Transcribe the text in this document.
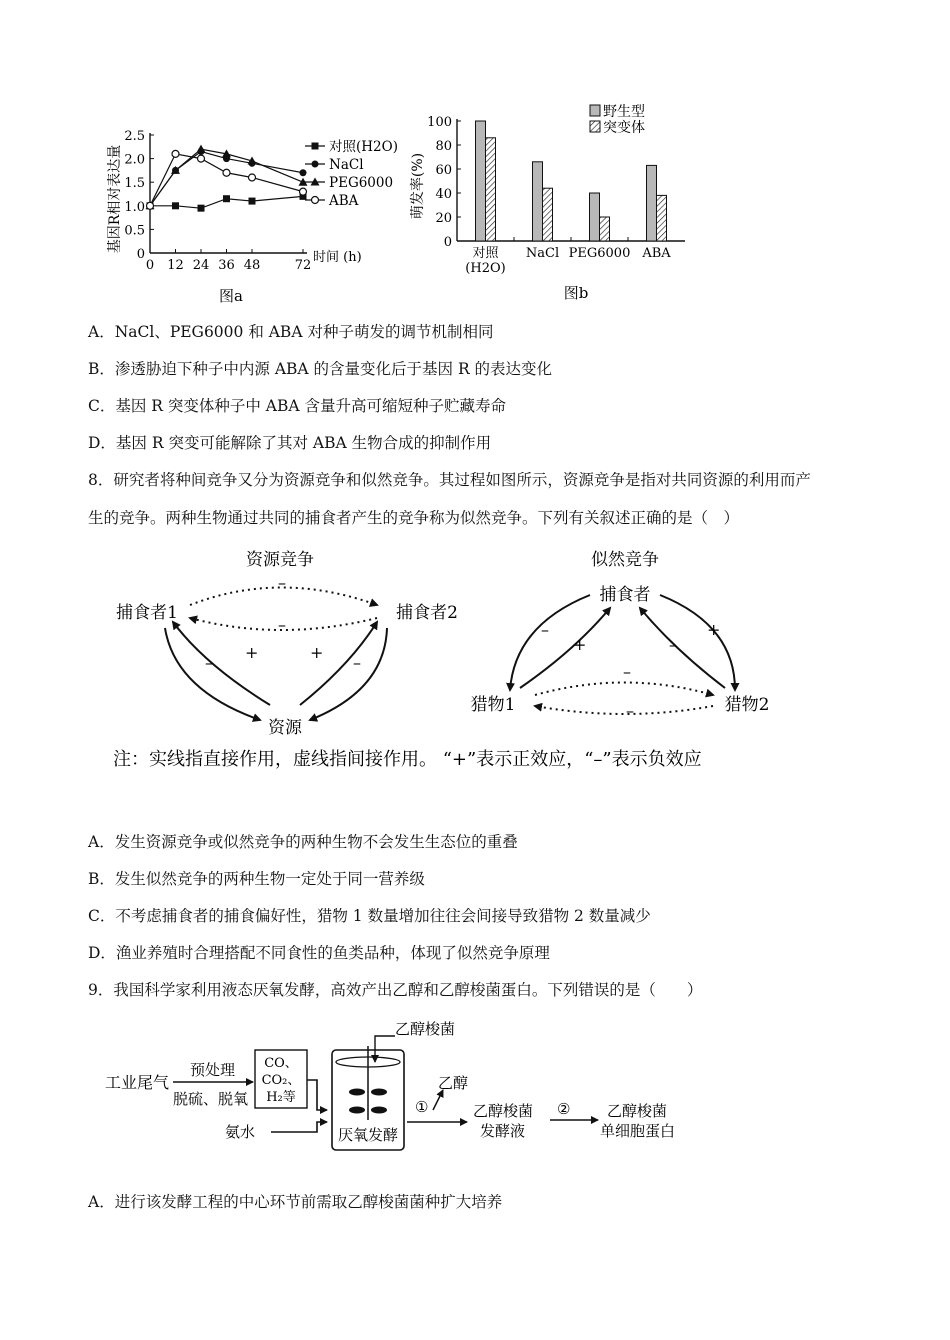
0 12 24 36 48	72
0
0.5
1.0
1.5
2.0
2.5
时间 (h)
基因R相对表达量	对照(H2O)
NaCl
PEG6000
ABA
图a
0
20
40
60
80
100
萌发率(%)
对照
(H2O)
NaCl PEG6000 ABA
野生型
突变体
图b
A．NaCl、PEG6000 和 ABA 对种子萌发的调节机制相同
B．渗透胁迫下种子中内源 ABA 的含量变化后于基因 R 的表达变化
C．基因 R 突变体种子中 ABA 含量升高可缩短种子贮藏寿命
D．基因 R 突变可能解除了其对 ABA 生物合成的抑制作用
8．研究者将种间竞争又分为资源竞争和似然竞争。其过程如图所示，资源竞争是指对共同资源的利用而产
生的竞争。两种生物通过共同的捕食者产生的竞争称为似然竞争。下列有关叙述正确的是（　）
资源竞争
捕食者1	捕食者2
资源
–
–
–
+	+
–
似然竞争
捕食者
猎物1	猎物2
–
+	–
+
–
–
注：实线指直接作用，虚线指间接作用。 “+”表示正效应，“–”表示负效应
A．发生资源竞争或似然竞争的两种生物不会发生生态位的重叠
B．发生似然竞争的两种生物一定处于同一营养级
C．不考虑捕食者的捕食偏好性，猎物 1 数量增加往往会间接导致猎物 2 数量减少
D．渔业养殖时合理搭配不同食性的鱼类品种，体现了似然竞争原理
9．我国科学家利用液态厌氧发酵，高效产出乙醇和乙醇梭菌蛋白。下列错误的是（　　）
工业尾气
预处理
脱硫、脱氧
CO、
CO₂、
H₂等
氨水
乙醇梭菌
厌氧发酵
①
乙醇
乙醇梭菌
发酵液
② 乙醇梭菌
单细胞蛋白
A．进行该发酵工程的中心环节前需取乙醇梭菌菌种扩大培养
